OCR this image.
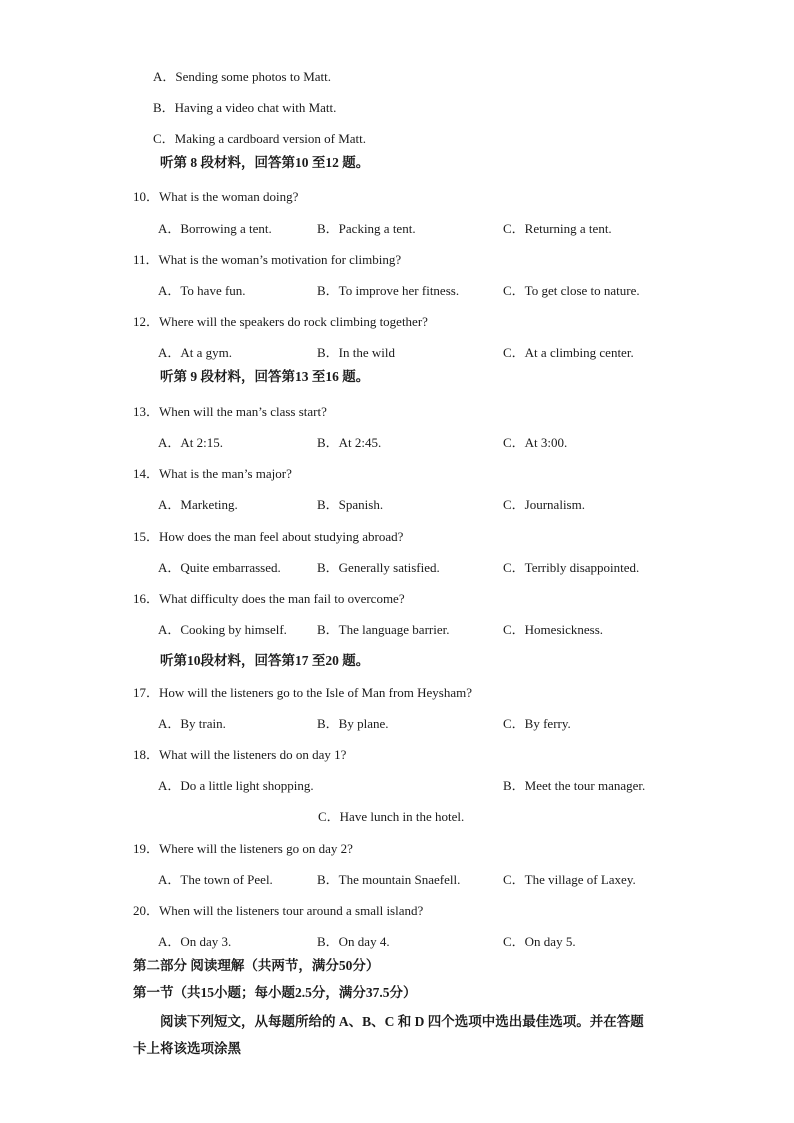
A．Sending some photos to Matt.
B．Having a video chat with Matt.
C．Making a cardboard version of Matt.
听第 8 段材料，回答第10 至12 题。
10．What is the woman doing?
A．Borrowing a tent.	B．Packing a tent.	C．Returning a tent.
11．What is the woman’s motivation for climbing?
A．To have fun.	B．To improve her fitness.	C．To get close to nature.
12．Where will the speakers do rock climbing together?
A．At a gym.	B．In the wild	C．At a climbing center.
听第 9 段材料，回答第13 至16 题。
13．When will the man’s class start?
A．At 2:15.	B．At 2:45.	C．At 3:00.
14．What is the man’s major?
A．Marketing.	B．Spanish.	C．Journalism.
15．How does the man feel about studying abroad?
A．Quite embarrassed.	B．Generally satisfied.	C．Terribly disappointed.
16．What difficulty does the man fail to overcome?
A．Cooking by himself. B．The language barrier.	C．Homesickness.
听第10段材料，回答第17 至20 题。
17．How will the listeners go to the Isle of Man from Heysham?
A．By train.	B．By plane.	C．By ferry.
18．What will the listeners do on day 1?
A．Do a little light shopping.	B．Meet the tour manager.
C．Have lunch in the hotel.
19．Where will the listeners go on day 2?
A．The town of Peel.	B．The mountain Snaefell.	C．The village of Laxey.
20．When will the listeners tour around a small island?
A．On day 3.	B．On day 4.	C．On day 5.
第二部分 阅读理解（共两节，满分50分）
第一节（共15小题；每小题2.5分，满分37.5分）
阅读下列短文，从每题所给的 A、B、C 和 D 四个选项中选出最佳选项。并在答题
卡上将该选项涂黑
